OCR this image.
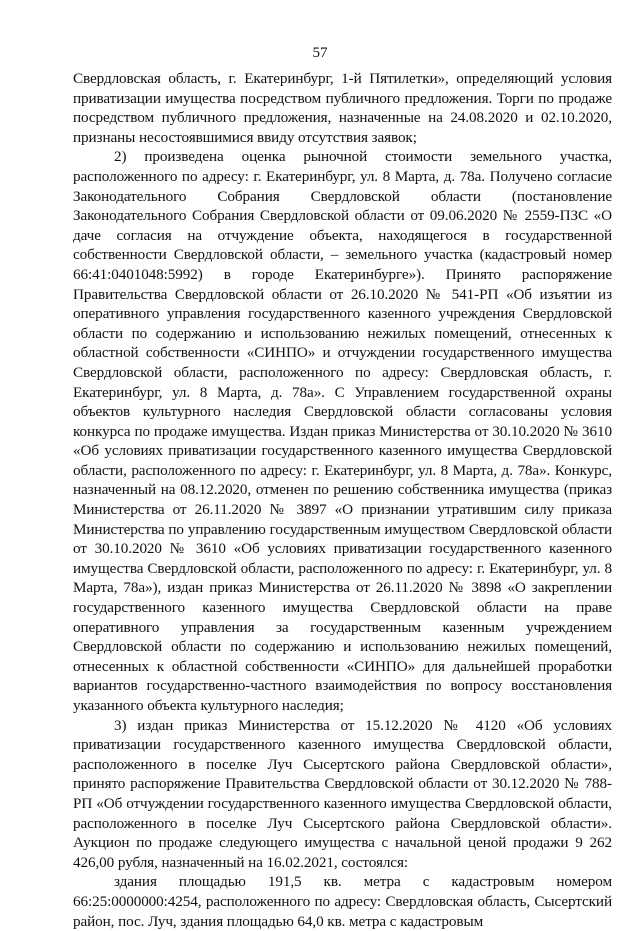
57

Свердловская область, г. Екатеринбург, 1-й Пятилетки», определяющий условия приватизации имущества посредством публичного предложения. Торги по продаже посредством публичного предложения, назначенные на 24.08.2020 и 02.10.2020, признаны несостоявшимися ввиду отсутствия заявок;

2) произведена оценка рыночной стоимости земельного участка, расположенного по адресу: г. Екатеринбург, ул. 8 Марта, д. 78а. Получено согласие Законодательного Собрания Свердловской области (постановление Законодательного Собрания Свердловской области от 09.06.2020 № 2559-ПЗС «О даче согласия на отчуждение объекта, находящегося в государственной собственности Свердловской области, – земельного участка (кадастровый номер 66:41:0401048:5992) в городе Екатеринбурге»). Принято распоряжение Правительства Свердловской области от 26.10.2020 № 541-РП «Об изъятии из оперативного управления государственного казенного учреждения Свердловской области по содержанию и использованию нежилых помещений, отнесенных к областной собственности «СИНПО» и отчуждении государственного имущества Свердловской области, расположенного по адресу: Свердловская область, г. Екатеринбург, ул. 8 Марта, д. 78а». С Управлением государственной охраны объектов культурного наследия Свердловской области согласованы условия конкурса по продаже имущества. Издан приказ Министерства от 30.10.2020 № 3610 «Об условиях приватизации государственного казенного имущества Свердловской области, расположенного по адресу: г. Екатеринбург, ул. 8 Марта, д. 78а». Конкурс, назначенный на 08.12.2020, отменен по решению собственника имущества (приказ Министерства от 26.11.2020 № 3897 «О признании утратившим силу приказа Министерства по управлению государственным имуществом Свердловской области от 30.10.2020 № 3610 «Об условиях приватизации государственного казенного имущества Свердловской области, расположенного по адресу: г. Екатеринбург, ул. 8 Марта, 78а»), издан приказ Министерства от 26.11.2020 № 3898 «О закреплении государственного казенного имущества Свердловской области на праве оперативного управления за государственным казенным учреждением Свердловской области по содержанию и использованию нежилых помещений, отнесенных к областной собственности «СИНПО» для дальнейшей проработки вариантов государственно-частного взаимодействия по вопросу восстановления указанного объекта культурного наследия;

3) издан приказ Министерства от 15.12.2020 № 4120 «Об условиях приватизации государственного казенного имущества Свердловской области, расположенного в поселке Луч Сысертского района Свердловской области», принято распоряжение Правительства Свердловской области от 30.12.2020 № 788-РП «Об отчуждении государственного казенного имущества Свердловской области, расположенного в поселке Луч Сысертского района Свердловской области». Аукцион по продаже следующего имущества с начальной ценой продажи 9 262 426,00 рубля, назначенный на 16.02.2021, состоялся:

здания площадью 191,5 кв. метра с кадастровым номером 66:25:0000000:4254, расположенного по адресу: Свердловская область, Сысертский район, пос. Луч, здания площадью 64,0 кв. метра с кадастровым
